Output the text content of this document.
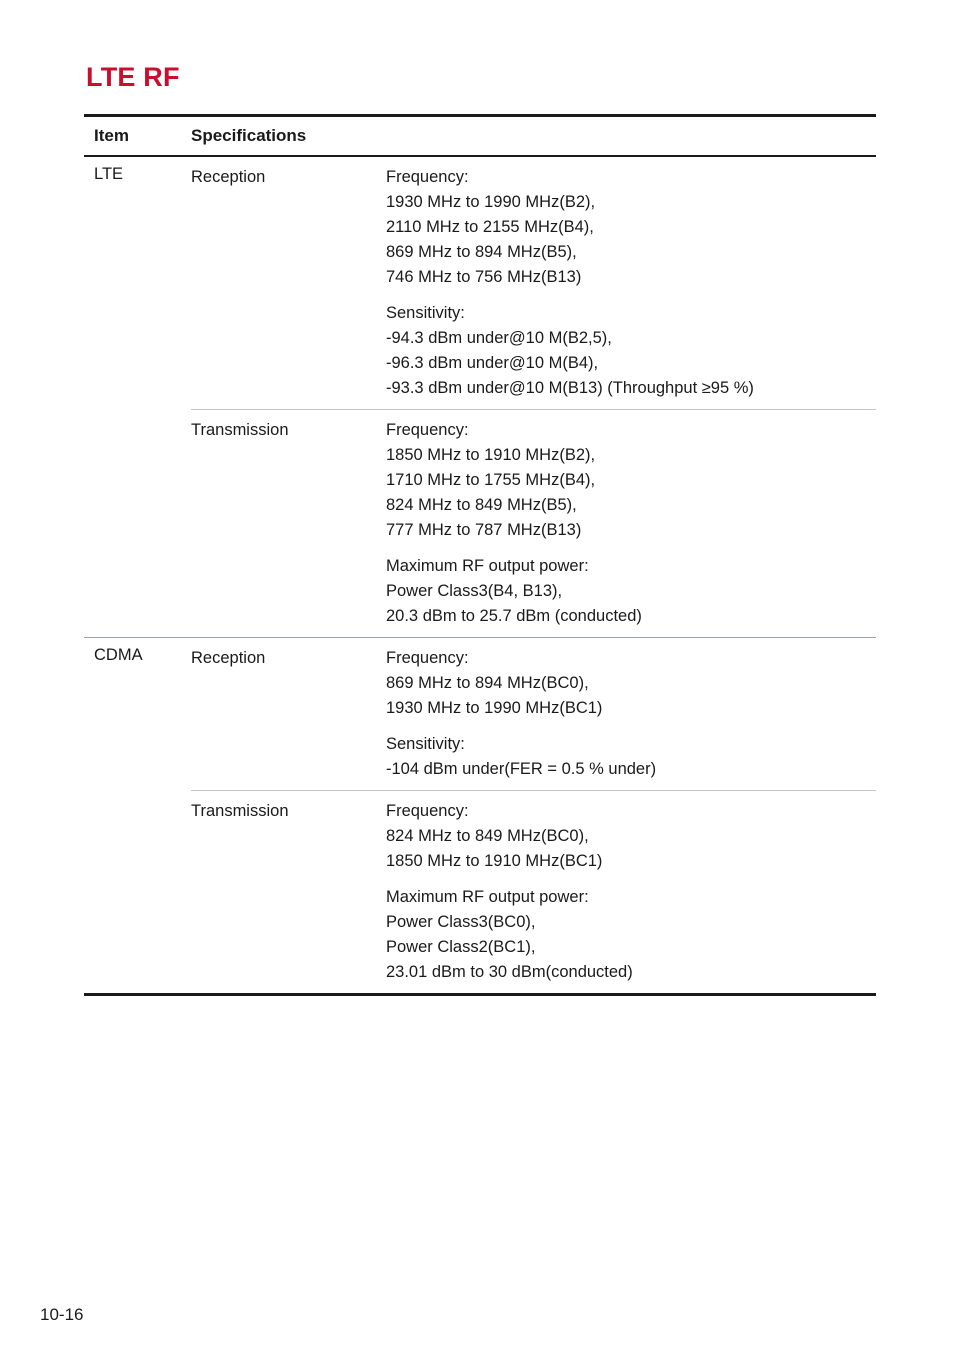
LTE RF
Item	Specifications
LTE	Reception	Frequency:
1930 MHz to 1990 MHz(B2),
2110 MHz to 2155 MHz(B4),
869 MHz to 894 MHz(B5),
746 MHz to 756 MHz(B13)
Sensitivity:
-94.3 dBm under@10 M(B2,5),
-96.3 dBm under@10 M(B4),
-93.3 dBm under@10 M(B13) (Throughput ≥95 %)
Transmission	Frequency:
1850 MHz to 1910 MHz(B2),
1710 MHz to 1755 MHz(B4),
824 MHz to 849 MHz(B5),
777 MHz to 787 MHz(B13)
Maximum RF output power:
Power Class3(B4, B13),
20.3 dBm to 25.7 dBm (conducted)
CDMA	Reception	Frequency:
869 MHz to 894 MHz(BC0),
1930 MHz to 1990 MHz(BC1)
Sensitivity:
-104 dBm under(FER = 0.5 % under)
Transmission	Frequency:
824 MHz to 849 MHz(BC0),
1850 MHz to 1910 MHz(BC1)
Maximum RF output power:
Power Class3(BC0),
Power Class2(BC1),
23.01 dBm to 30 dBm(conducted)
10-16
